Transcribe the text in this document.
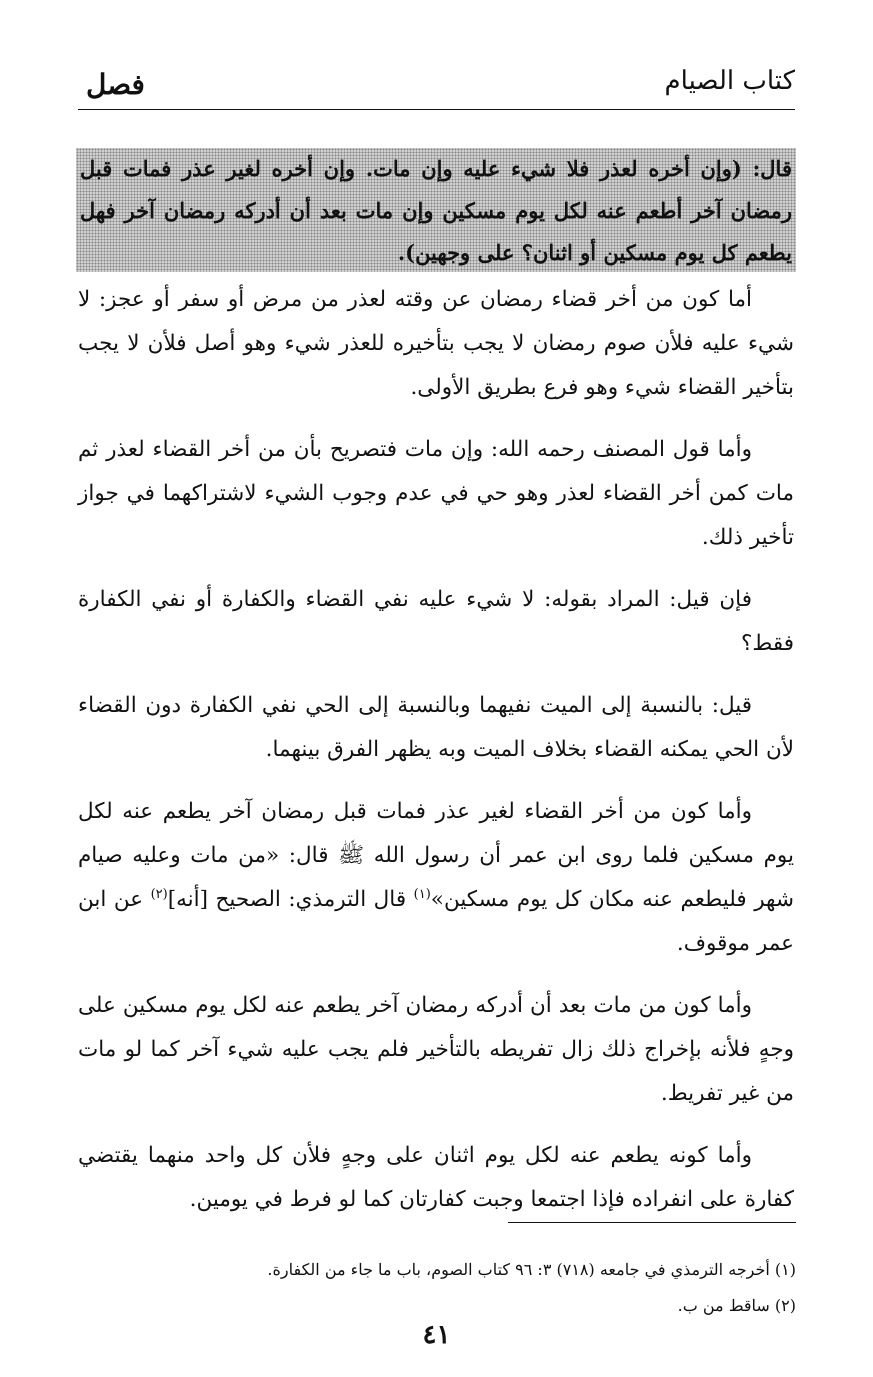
كتاب الصيام
فصل
قال: (وإن أخره لعذر فلا شيء عليه وإن مات. وإن أخره لغير عذر فمات قبل رمضان آخر أطعم عنه لكل يوم مسكين وإن مات بعد أن أدركه رمضان آخر فهل يطعم كل يوم مسكين أو اثنان؟ على وجهين).

أما كون من أخر قضاء رمضان عن وقته لعذر من مرض أو سفر أو عجز: لا شيء عليه فلأن صوم رمضان لا يجب بتأخيره للعذر شيء وهو أصل فلأن لا يجب بتأخير القضاء شيء وهو فرع بطريق الأولى.

وأما قول المصنف رحمه الله: وإن مات فتصريح بأن من أخر القضاء لعذر ثم مات كمن أخر القضاء لعذر وهو حي في عدم وجوب الشيء لاشتراكهما في جواز تأخير ذلك.

فإن قيل: المراد بقوله: لا شيء عليه نفي القضاء والكفارة أو نفي الكفارة فقط؟

قيل: بالنسبة إلى الميت نفيهما وبالنسبة إلى الحي نفي الكفارة دون القضاء لأن الحي يمكنه القضاء بخلاف الميت وبه يظهر الفرق بينهما.

وأما كون من أخر القضاء لغير عذر فمات قبل رمضان آخر يطعم عنه لكل يوم مسكين فلما روى ابن عمر أن رسول الله ﷺ قال: «من مات وعليه صيام شهر فليطعم عنه مكان كل يوم مسكين»$^{(١)}$ قال الترمذي: الصحيح [أنه]$^{(٢)}$ عن ابن عمر موقوف.

وأما كون من مات بعد أن أدركه رمضان آخر يطعم عنه لكل يوم مسكين على وجهٍ فلأنه بإخراج ذلك زال تفريطه بالتأخير فلم يجب عليه شيء آخر كما لو مات من غير تفريط.

وأما كونه يطعم عنه لكل يوم اثنان على وجهٍ فلأن كل واحد منهما يقتضي كفارة على انفراده فإذا اجتمعا وجبت كفارتان كما لو فرط في يومين.

(١) أخرجه الترمذي في جامعه (٧١٨) ٣: ٩٦ كتاب الصوم، باب ما جاء من الكفارة.

(٢) ساقط من ب.

٤١
